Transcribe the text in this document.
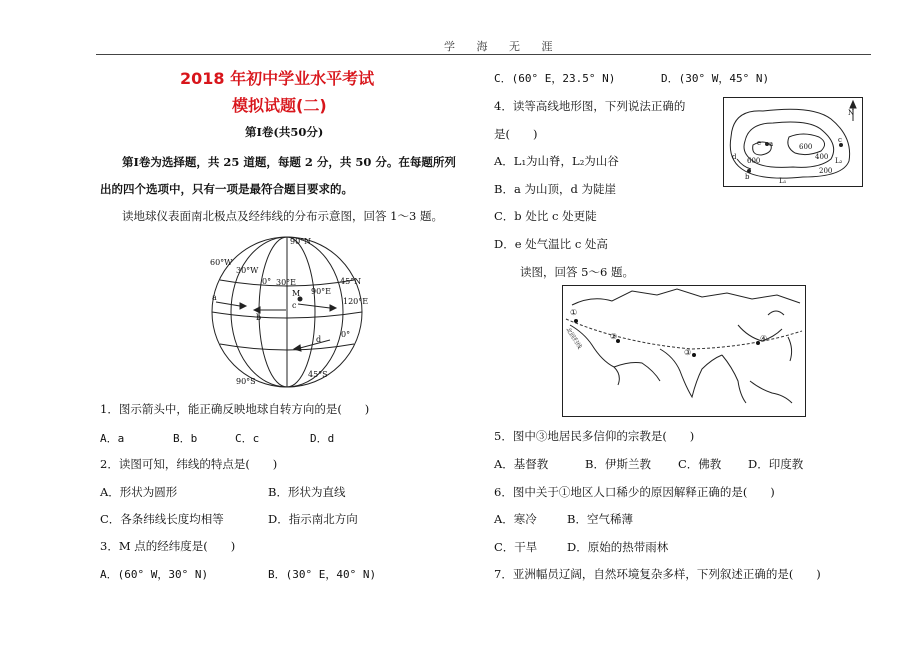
学 海 无 涯
2018 年初中学业水平考试
模拟试题(二)
第Ⅰ卷(共50分)
第Ⅰ卷为选择题，共 25 道题，每题 2 分，共 50 分。在每题所列
出的四个选项中，只有一项是最符合题目要求的。
读地球仪表面南北极点及经纬线的分布示意图，回答 1～3 题。
90°N
60°W
30°W
0° 30°E
90°E
45°N
120°E
0°
45°S
90°S
M
a
b
c
d
1．图示箭头中，能正确反映地球自转方向的是(　　)
A．a	B．b	C．c	D．d
2．读图可知，纬线的特点是(　　)
A．形状为圆形	B．形状为直线
C．各条纬线长度均相等	D．指示南北方向
3．M 点的经纬度是(　　)
A．(60° W，30° N)	B．(30° E，40° N)
C．(60° E，23.5° N)	D．(30° W，45° N)
4．读等高线地形图，下列说法正确的
是(　　)
N
e a	c
d
b
600
600	400
200
L₁
L₂
A．L₁为山脊，L₂为山谷
B．a 为山顶，d 为陡崖
C．b 处比 c 处更陡
D．e 处气温比 c 处高
读图，回答 5～6 题。
①
②
③
④
北回归线
5．图中③地居民多信仰的宗教是(　　)
A．基督教	B．伊斯兰教 C．佛教 D．印度教
6．图中关于①地区人口稀少的原因解释正确的是(　　)
A．寒冷	B．空气稀薄
C．干旱	D．原始的热带雨林
7．亚洲幅员辽阔，自然环境复杂多样，下列叙述正确的是(　　)
